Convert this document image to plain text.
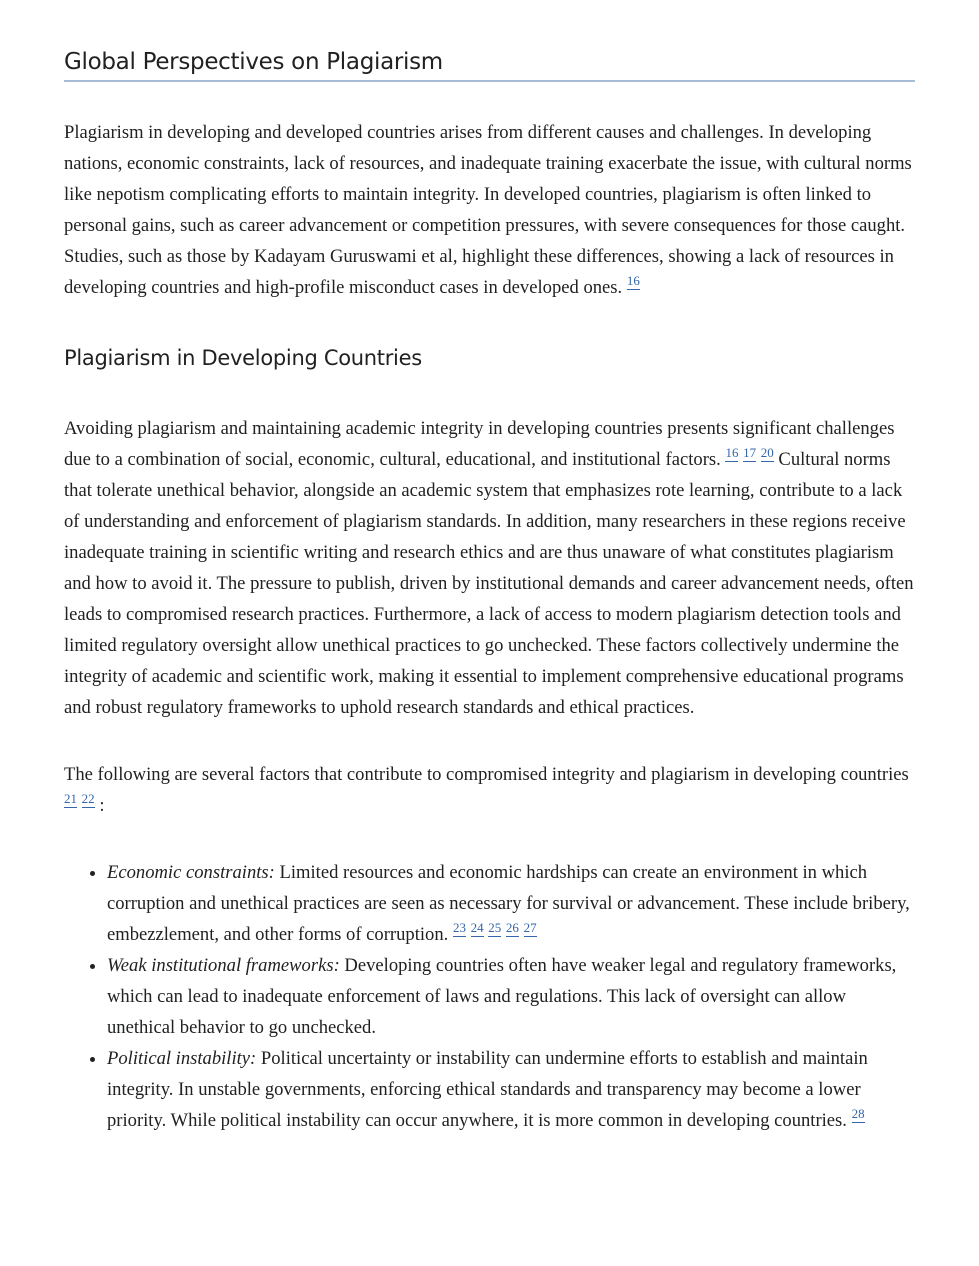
Global Perspectives on Plagiarism

Plagiarism in developing and developed countries arises from different causes and challenges. In developing nations, economic constraints, lack of resources, and inadequate training exacerbate the issue, with cultural norms like nepotism complicating efforts to maintain integrity. In developed countries, plagiarism is often linked to personal gains, such as career advancement or competition pressures, with severe consequences for those caught. Studies, such as those by Kadayam Guruswami et al, highlight these differences, showing a lack of resources in developing countries and high-profile misconduct cases in developed ones. $^{16}$

Plagiarism in Developing Countries

Avoiding plagiarism and maintaining academic integrity in developing countries presents significant challenges due to a combination of social, economic, cultural, educational, and institutional factors. $^{16}$ $^{17}$ $^{20}$ Cultural norms that tolerate unethical behavior, alongside an academic system that emphasizes rote learning, contribute to a lack of understanding and enforcement of plagiarism standards. In addition, many researchers in these regions receive inadequate training in scientific writing and research ethics and are thus unaware of what constitutes plagiarism and how to avoid it. The pressure to publish, driven by institutional demands and career advancement needs, often leads to compromised research practices. Furthermore, a lack of access to modern plagiarism detection tools and limited regulatory oversight allow unethical practices to go unchecked. These factors collectively undermine the integrity of academic and scientific work, making it essential to implement comprehensive educational programs and robust regulatory frameworks to uphold research standards and ethical practices.

The following are several factors that contribute to compromised integrity and plagiarism in developing countries $^{21}$ $^{22}$ :

• Economic constraints: Limited resources and economic hardships can create an environment in which corruption and unethical practices are seen as necessary for survival or advancement. These include bribery, embezzlement, and other forms of corruption. $^{23}$ $^{24}$ $^{25}$ $^{26}$ $^{27}$
• Weak institutional frameworks: Developing countries often have weaker legal and regulatory frameworks, which can lead to inadequate enforcement of laws and regulations. This lack of oversight can allow unethical behavior to go unchecked.
• Political instability: Political uncertainty or instability can undermine efforts to establish and maintain integrity. In unstable governments, enforcing ethical standards and transparency may become a lower priority. While political instability can occur anywhere, it is more common in developing countries. $^{28}$
